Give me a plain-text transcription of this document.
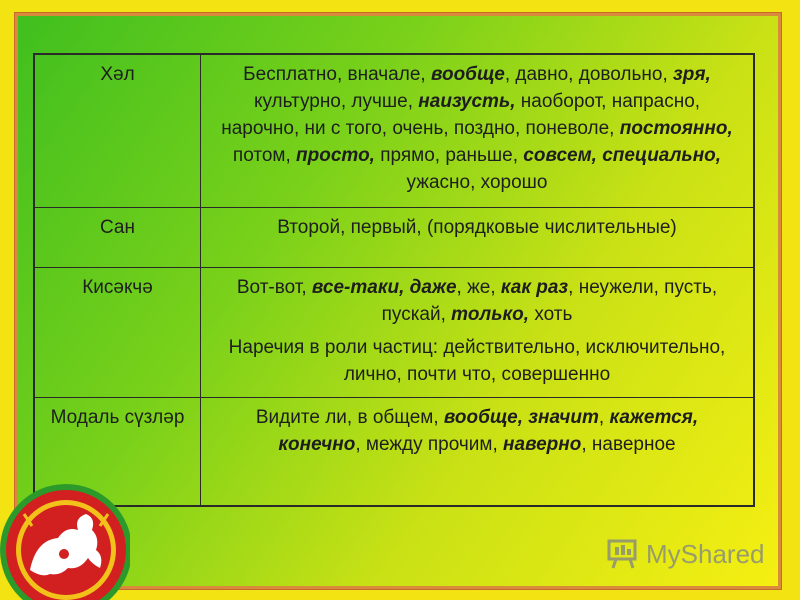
Хәл	Бесплатно, вначале, вообще, давно, довольно, зря, культурно, лучше, наизусть, наоборот, напрасно, нарочно, ни с того, очень, поздно, поневоле, постоянно, потом, просто, прямо, раньше, совсем, специально, ужасно, хорошо

Сан	Второй, первый, (порядковые числительные)

Кисәкчә	Вот-вот, все-таки, даже, же, как раз, неужели, пусть, пускай, только, хоть

Наречия в роли частиц: действительно, исключительно, лично, почти что, совершенно

Модаль сүзләр	Видите ли, в общем, вообще, значит, кажется, конечно, между прочим, наверно, наверное

MyShared
